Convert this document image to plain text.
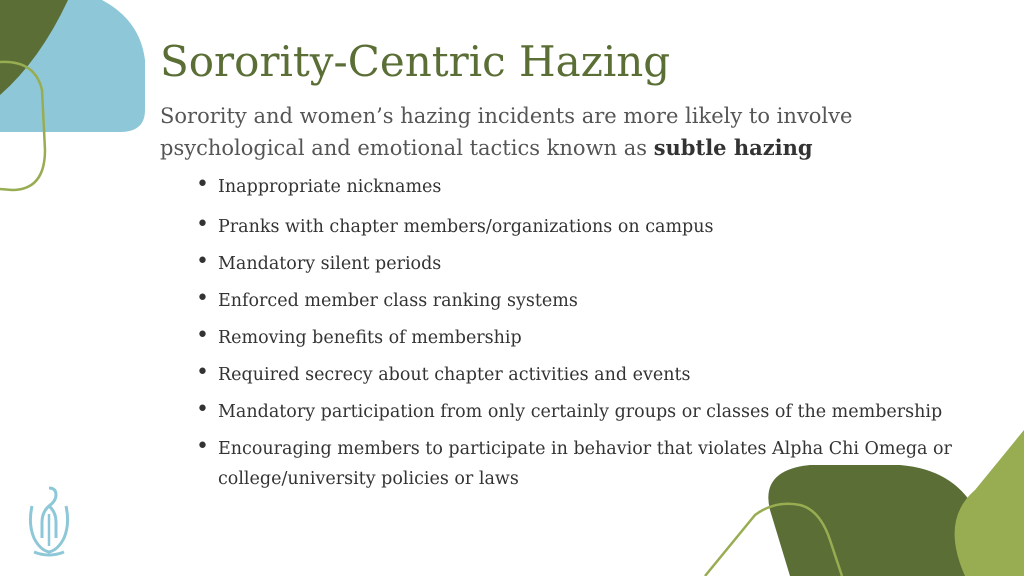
Sorority-Centric Hazing
Sorority and women’s hazing incidents are more likely to involve psychological and emotional tactics known as subtle hazing
• Inappropriate nicknames
• Pranks with chapter members/organizations on campus
• Mandatory silent periods
• Enforced member class ranking systems
• Removing benefits of membership
• Required secrecy about chapter activities and events
• Mandatory participation from only certainly groups or classes of the membership
• Encouraging members to participate in behavior that violates Alpha Chi Omega or college/university policies or laws
